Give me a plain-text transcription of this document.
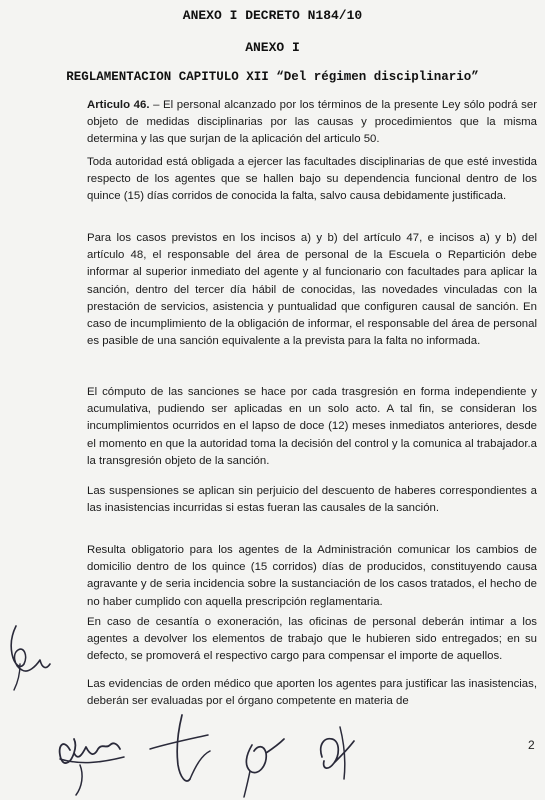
ANEXO I DECRETO N184/10
ANEXO I
REGLAMENTACION CAPITULO XII “Del régimen disciplinario”

Articulo 46. – El personal alcanzado por los términos de la presente Ley sólo podrá ser objeto de medidas disciplinarias por las causas y procedimientos que la misma determina y las que surjan de la aplicación del articulo 50.

Toda autoridad está obligada a ejercer las facultades disciplinarias de que esté investida respecto de los agentes que se hallen bajo su dependencia funcional dentro de los quince (15) días corridos de conocida la falta, salvo causa debidamente justificada.

Para los casos previstos en los incisos a) y b) del artículo 47, e incisos a) y b) del artículo 48, el responsable del área de personal de la Escuela o Repartición debe informar al superior inmediato del agente y al funcionario con facultades para aplicar la sanción, dentro del tercer día hábil de conocidas, las novedades vinculadas con la prestación de servicios, asistencia y puntualidad que configuren causal de sanción. En caso de incumplimiento de la obligación de informar, el responsable del área de personal es pasible de una sanción equivalente a la prevista para la falta no informada.

El cómputo de las sanciones se hace por cada trasgresión en forma independiente y acumulativa, pudiendo ser aplicadas en un solo acto. A tal fin, se consideran los incumplimientos ocurridos en el lapso de doce (12) meses inmediatos anteriores, desde el momento en que la autoridad toma la decisión del control y la comunica al trabajador.a la transgresión objeto de la sanción.

Las suspensiones se aplican sin perjuicio del descuento de haberes correspondientes a las inasistencias incurridas si estas fueran las causales de la sanción.

Resulta obligatorio para los agentes de la Administración comunicar los cambios de domicilio dentro de los quince (15 corridos) días de producidos, constituyendo causa agravante y de seria incidencia sobre la sustanciación de los casos tratados, el hecho de no haber cumplido con aquella prescripción reglamentaria.

En caso de cesantía o exoneración, las oficinas de personal deberán intimar a los agentes a devolver los elementos de trabajo que le hubieren sido entregados; en su defecto, se promoverá el respectivo cargo para compensar el importe de aquellos.

Las evidencias de orden médico que aporten los agentes para justificar las inasistencias, deberán ser evaluadas por el órgano competente en materia de

2
